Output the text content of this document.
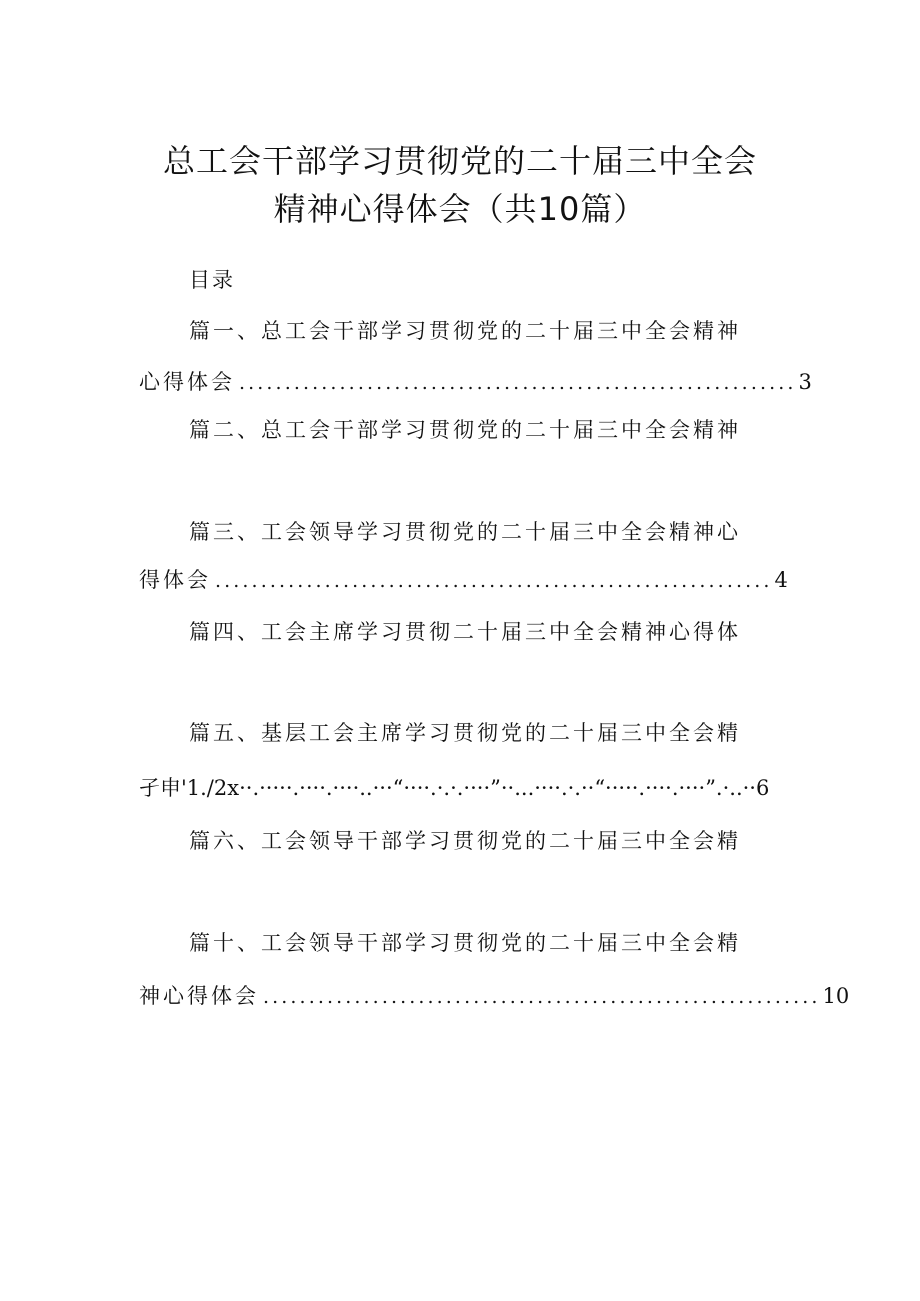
总工会干部学习贯彻党的二十届三中全会
精神心得体会（共10篇）
目录
篇一、总工会干部学习贯彻党的二十届三中全会精神
心得体会 ............................................................. 3
篇二、总工会干部学习贯彻党的二十届三中全会精神
篇三、工会领导学习贯彻党的二十届三中全会精神心
得体会 ............................................................. 4
篇四、工会主席学习贯彻二十届三中全会精神心得体
篇五、基层工会主席学习贯彻党的二十届三中全会精
孑申'1./2x··.·····.····.····..···“····.·.·.····”··...····.·.··“·····.····.····”.·..··6
篇六、工会领导干部学习贯彻党的二十届三中全会精
篇十、工会领导干部学习贯彻党的二十届三中全会精
神心得体会 ............................................................. 10
